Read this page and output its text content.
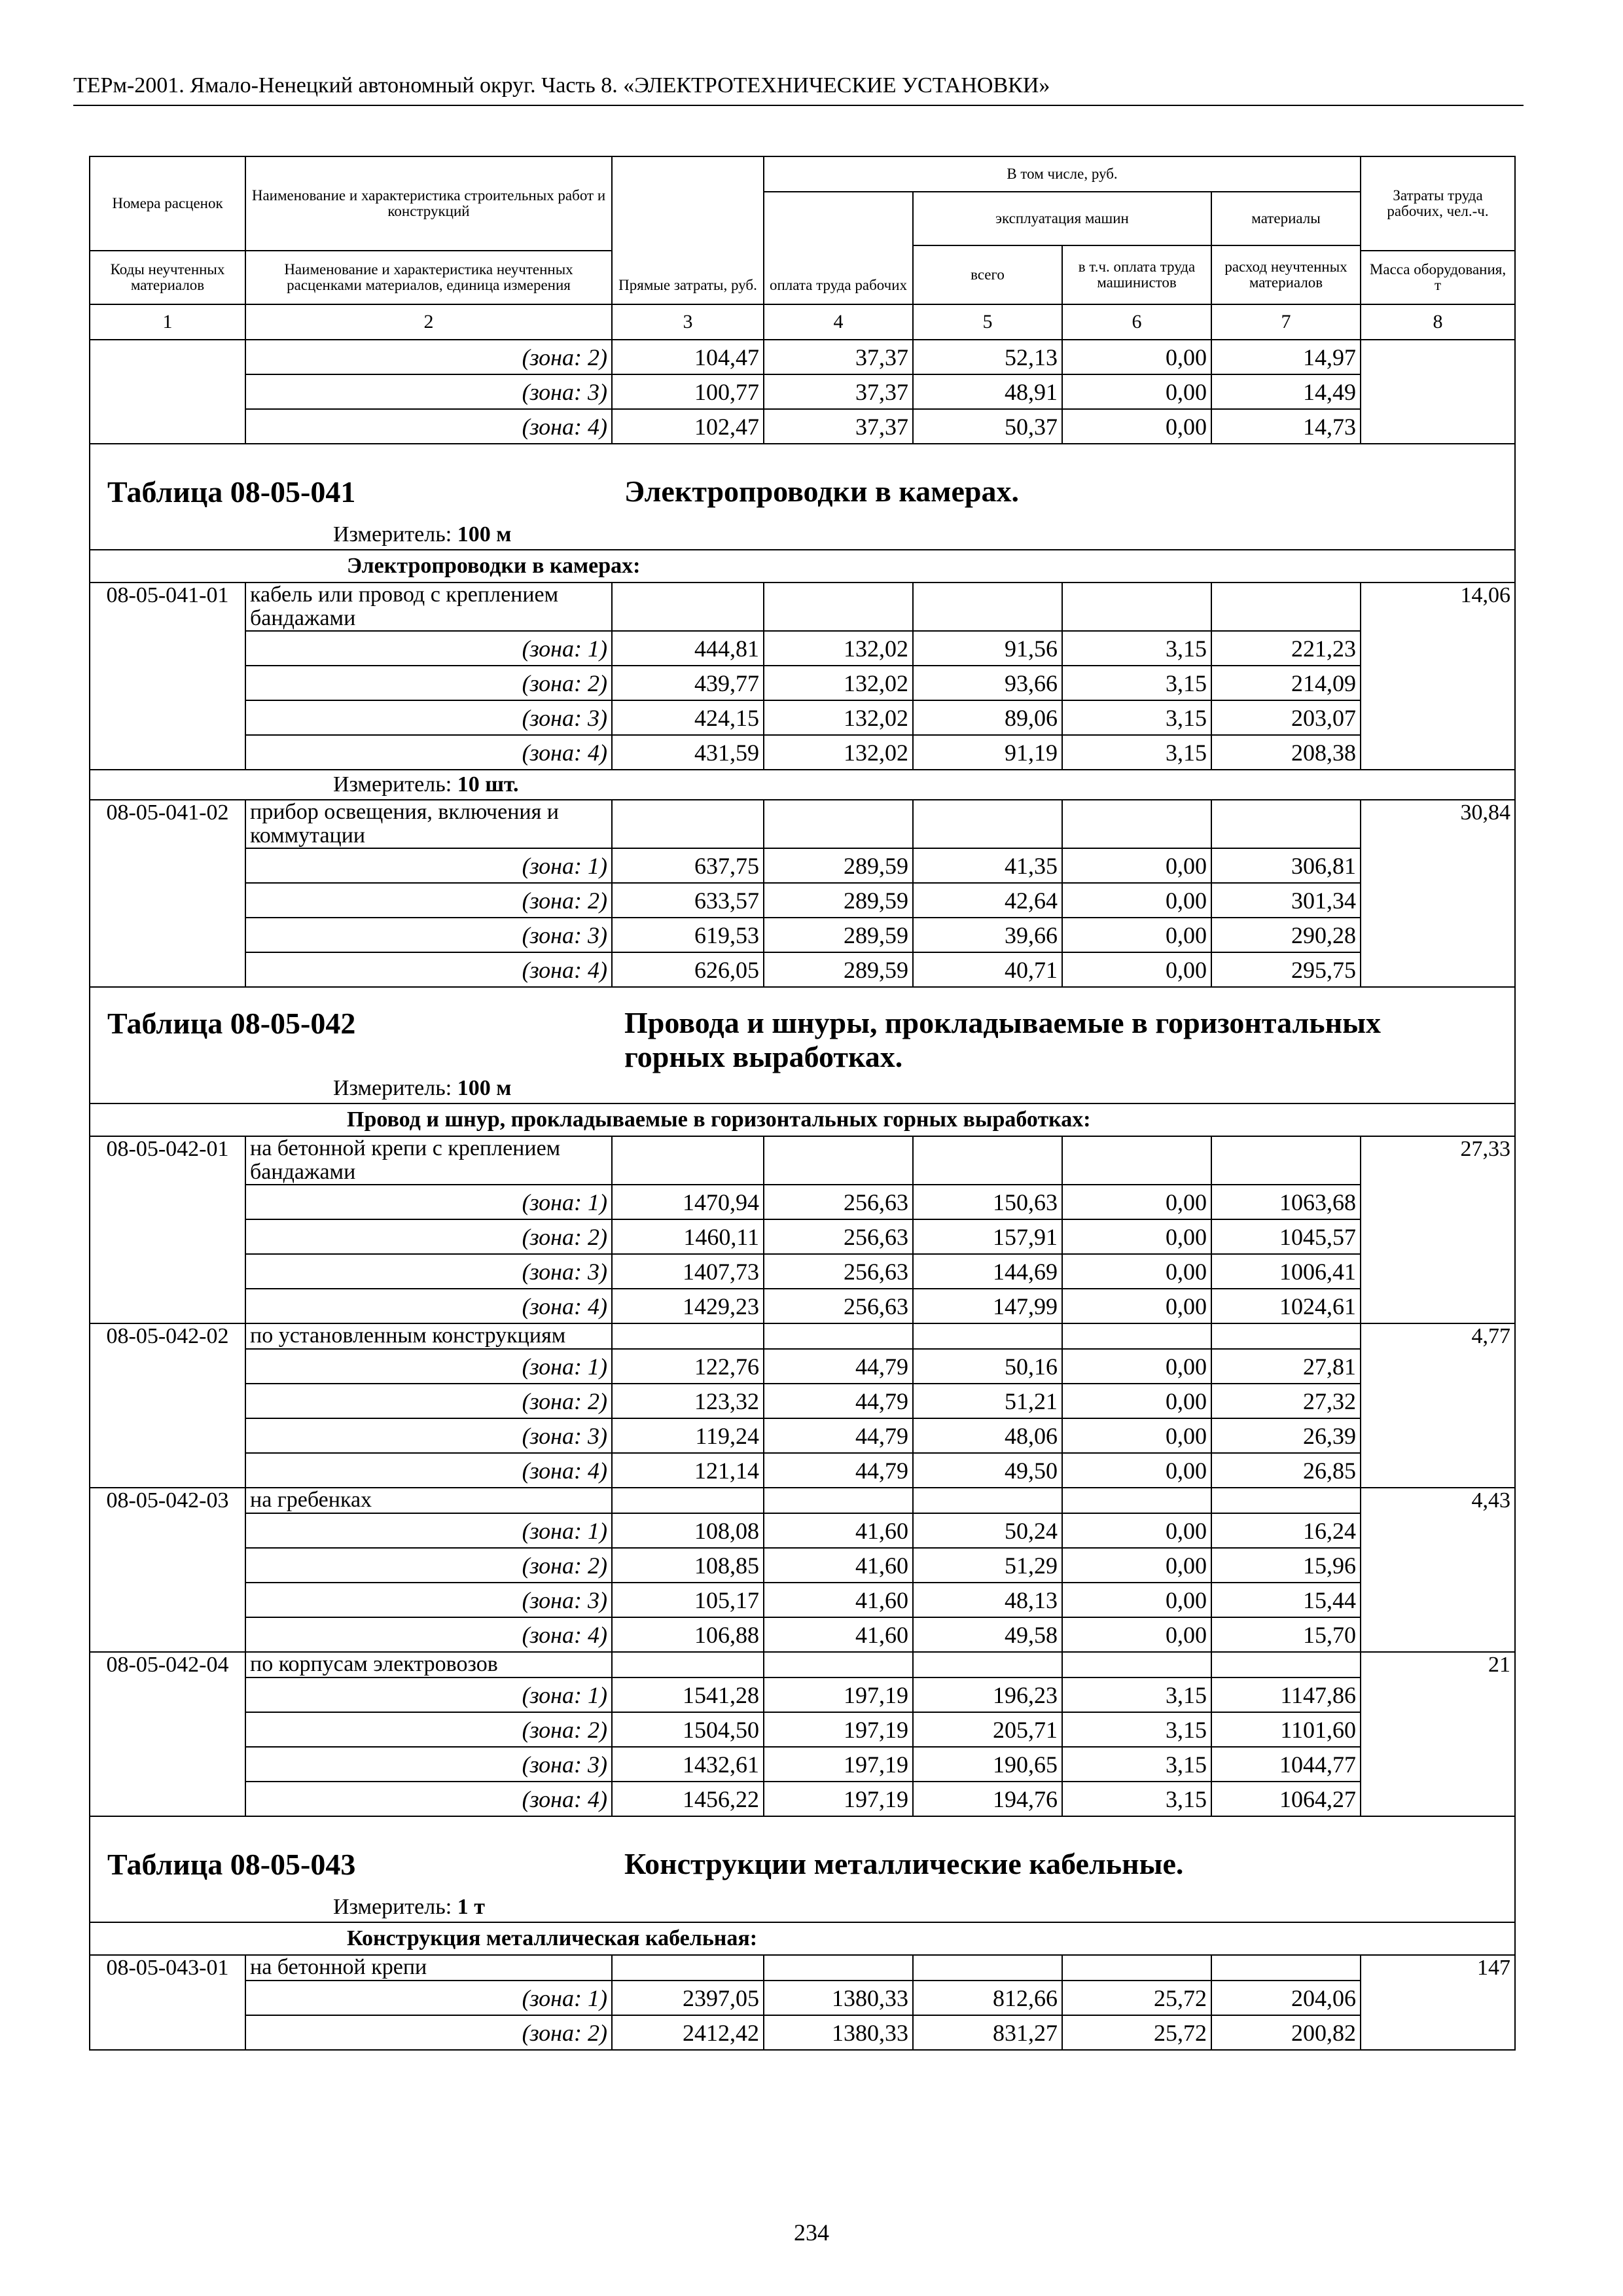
ТЕРм-2001. Ямало-Ненецкий автономный округ. Часть 8. «ЭЛЕКТРОТЕХНИЧЕСКИЕ УСТАНОВКИ»
Номера расценок	Наименование и характеристика строительных работ и конструкций	Прямые затраты, руб.	В том числе, руб.				Затраты труда рабочих, чел.-ч.
			оплата труда рабочих	эксплуатация машин		материалы	
				всего	в т.ч. оплата труда машинистов	расход неучтенных материалов	
Коды неучтенных материалов	Наименование и характеристика неучтенных расценками материалов, единица измерения						Масса оборудования, т
1	2	3	4	5	6	7	8
	(зона: 2)	104,47	37,37	52,13	0,00	14,97	
	(зона: 3)	100,77	37,37	48,91	0,00	14,49	
	(зона: 4)	102,47	37,37	50,37	0,00	14,73	
Таблица 08-05-041 Электропроводки в камерах.							
Измеритель: 100 м							
Электропроводки в камерах:							
08-05-041-01	кабель или провод с креплением бандажами						14,06
	(зона: 1)	444,81	132,02	91,56	3,15	221,23	
	(зона: 2)	439,77	132,02	93,66	3,15	214,09	
	(зона: 3)	424,15	132,02	89,06	3,15	203,07	
	(зона: 4)	431,59	132,02	91,19	3,15	208,38	
Измеритель: 10 шт.							
08-05-041-02	прибор освещения, включения и коммутации						30,84
	(зона: 1)	637,75	289,59	41,35	0,00	306,81	
	(зона: 2)	633,57	289,59	42,64	0,00	301,34	
	(зона: 3)	619,53	289,59	39,66	0,00	290,28	
	(зона: 4)	626,05	289,59	40,71	0,00	295,75	
Таблица 08-05-042 Провода и шнуры, прокладываемые в горизонтальных горных выработках.							
Измеритель: 100 м							
Провод и шнур, прокладываемые в горизонтальных горных выработках:							
08-05-042-01	на бетонной крепи с креплением бандажами						27,33
	(зона: 1)	1470,94	256,63	150,63	0,00	1063,68	
	(зона: 2)	1460,11	256,63	157,91	0,00	1045,57	
	(зона: 3)	1407,73	256,63	144,69	0,00	1006,41	
	(зона: 4)	1429,23	256,63	147,99	0,00	1024,61	
08-05-042-02	по установленным конструкциям						4,77
	(зона: 1)	122,76	44,79	50,16	0,00	27,81	
	(зона: 2)	123,32	44,79	51,21	0,00	27,32	
	(зона: 3)	119,24	44,79	48,06	0,00	26,39	
	(зона: 4)	121,14	44,79	49,50	0,00	26,85	
08-05-042-03	на гребенках						4,43
	(зона: 1)	108,08	41,60	50,24	0,00	16,24	
	(зона: 2)	108,85	41,60	51,29	0,00	15,96	
	(зона: 3)	105,17	41,60	48,13	0,00	15,44	
	(зона: 4)	106,88	41,60	49,58	0,00	15,70	
08-05-042-04	по корпусам электровозов						21
	(зона: 1)	1541,28	197,19	196,23	3,15	1147,86	
	(зона: 2)	1504,50	197,19	205,71	3,15	1101,60	
	(зона: 3)	1432,61	197,19	190,65	3,15	1044,77	
	(зона: 4)	1456,22	197,19	194,76	3,15	1064,27	
Таблица 08-05-043 Конструкции металлические кабельные.							
Измеритель: 1 т							
Конструкция металлическая кабельная:							
08-05-043-01	на бетонной крепи						147
	(зона: 1)	2397,05	1380,33	812,66	25,72	204,06	
	(зона: 2)	2412,42	1380,33	831,27	25,72	200,82	
234
